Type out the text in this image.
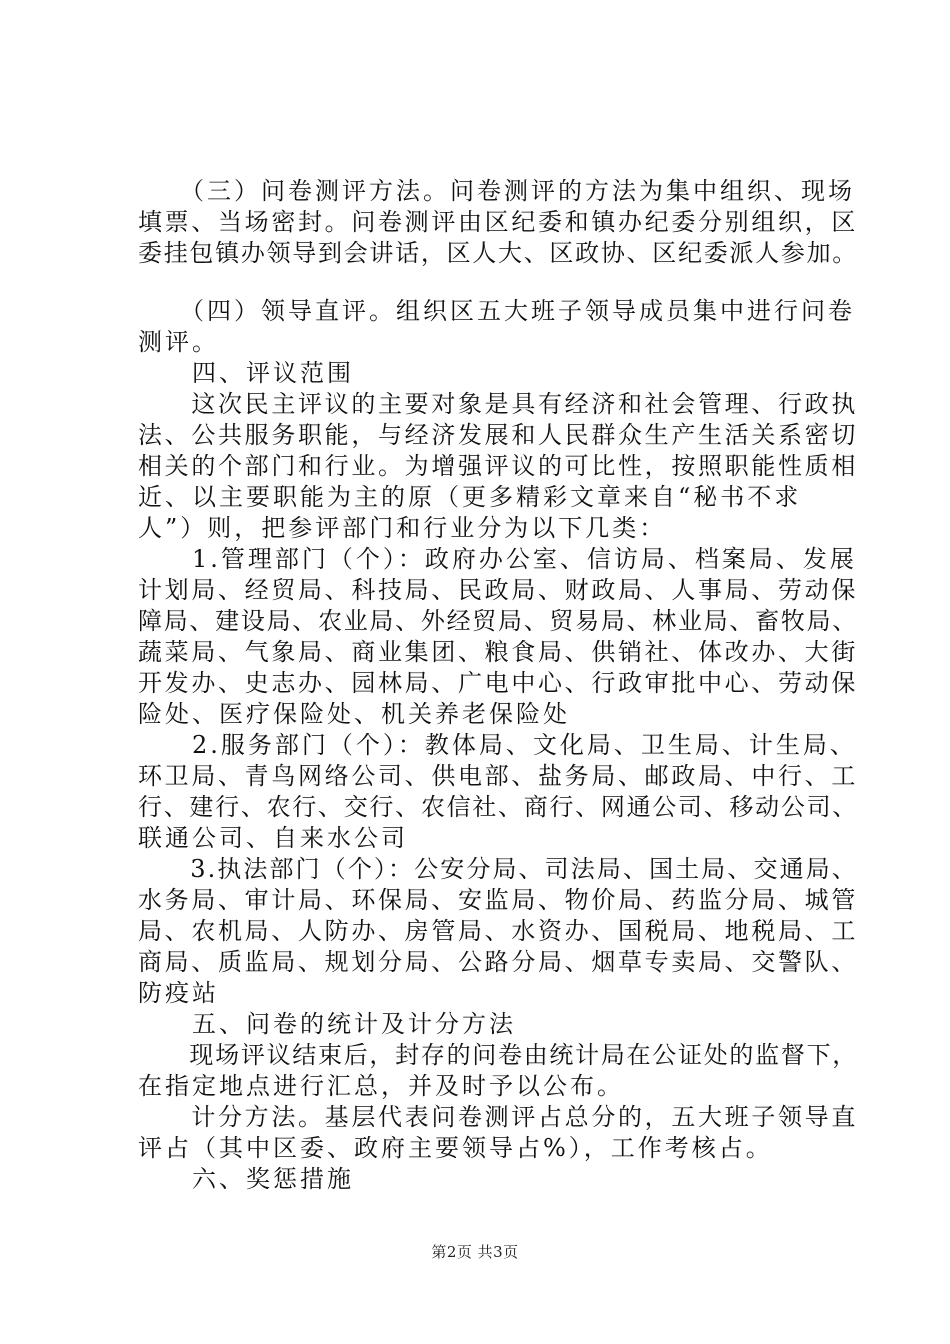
　　（三）问卷测评方法。问卷测评的方法为集中组织、现场
填票、当场密封。问卷测评由区纪委和镇办纪委分别组织，区
委挂包镇办领导到会讲话，区人大、区政协、区纪委派人参加。
　　（四）领导直评。组织区五大班子领导成员集中进行问卷
测评。
　　四、评议范围
　　这次民主评议的主要对象是具有经济和社会管理、行政执
法、公共服务职能，与经济发展和人民群众生产生活关系密切
相关的个部门和行业。为增强评议的可比性，按照职能性质相
近、以主要职能为主的原（更多精彩文章来自“秘书不求
人”）则，把参评部门和行业分为以下几类：
　　1.管理部门（个）：政府办公室、信访局、档案局、发展
计划局、经贸局、科技局、民政局、财政局、人事局、劳动保
障局、建设局、农业局、外经贸局、贸易局、林业局、畜牧局、
蔬菜局、气象局、商业集团、粮食局、供销社、体改办、大街
开发办、史志办、园林局、广电中心、行政审批中心、劳动保
险处、医疗保险处、机关养老保险处
　　2.服务部门（个）：教体局、文化局、卫生局、计生局、
环卫局、青鸟网络公司、供电部、盐务局、邮政局、中行、工
行、建行、农行、交行、农信社、商行、网通公司、移动公司、
联通公司、自来水公司
　　3.执法部门（个）：公安分局、司法局、国土局、交通局、
水务局、审计局、环保局、安监局、物价局、药监分局、城管
局、农机局、人防办、房管局、水资办、国税局、地税局、工
商局、质监局、规划分局、公路分局、烟草专卖局、交警队、
防疫站
　　五、问卷的统计及计分方法
　　现场评议结束后，封存的问卷由统计局在公证处的监督下，
在指定地点进行汇总，并及时予以公布。
　　计分方法。基层代表问卷测评占总分的，五大班子领导直
评占（其中区委、政府主要领导占%），工作考核占。
　　六、奖惩措施
第2页 共3页
